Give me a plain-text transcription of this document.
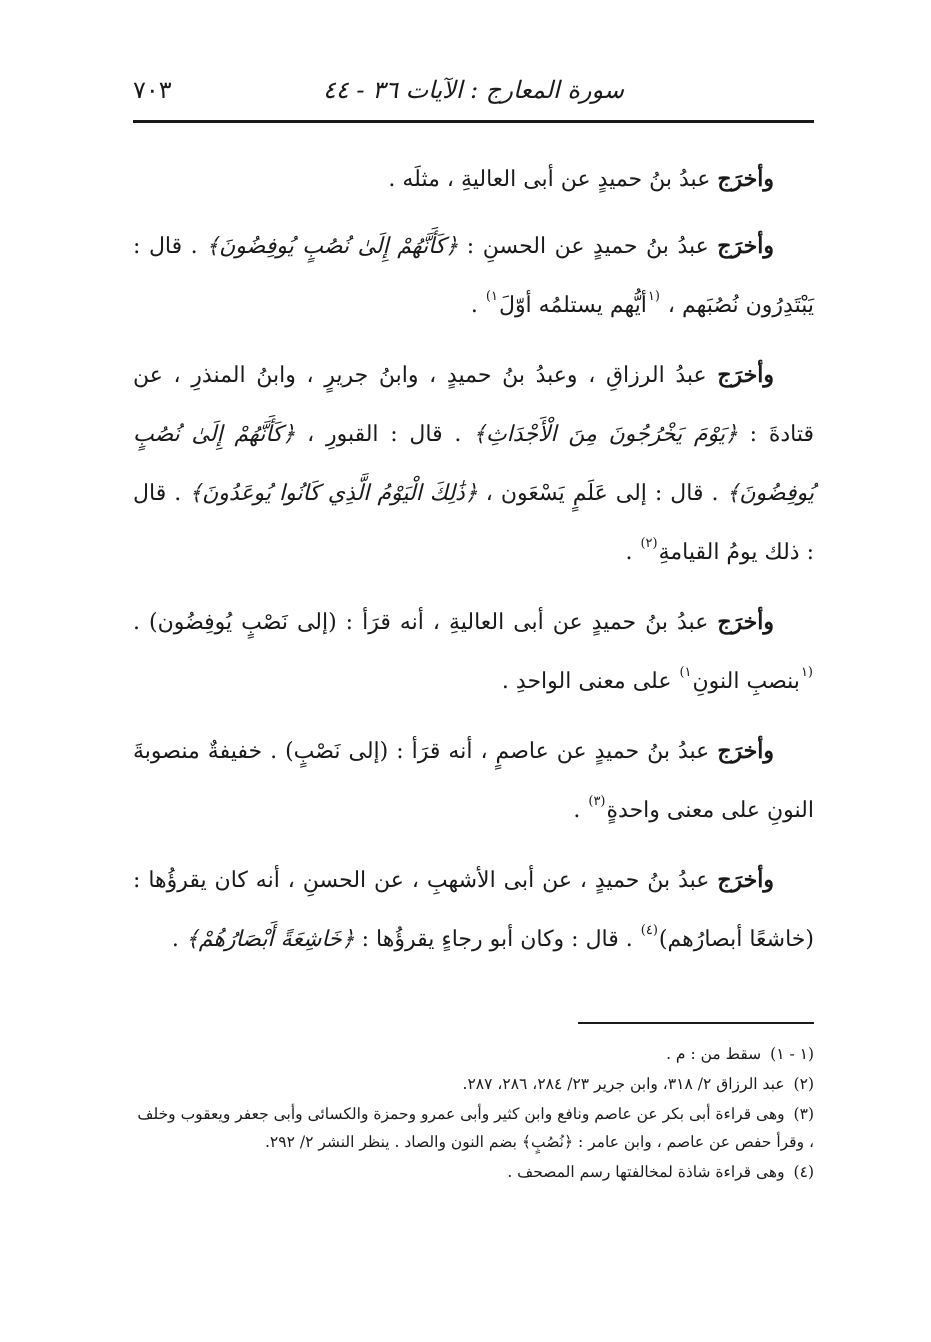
سورة المعارج : الآيات ٣٦ - ٤٤
٧٠٣

وأخرَج عبدُ بنُ حميدٍ عن أبى العاليةِ ، مثلَه .

وأخرَج عبدُ بنُ حميدٍ عن الحسنِ : ﴿كَأَنَّهُمْ إِلَىٰ نُصُبٍ يُوفِضُونَ﴾ . قال : يَبْتَدِرُون نُصُبَهم ، $^{(١}$أيُّهم يستلمُه أوّلَ$^{١)}$ .

وأخرَج عبدُ الرزاقِ ، وعبدُ بنُ حميدٍ ، وابنُ جريرٍ ، وابنُ المنذرِ ، عن قتادةَ : ﴿يَوْمَ يَخْرُجُونَ مِنَ الْأَجْدَاثِ﴾ . قال : القبورِ ، ﴿كَأَنَّهُمْ إِلَىٰ نُصُبٍ يُوفِضُونَ﴾ . قال : إلى عَلَمٍ يَسْعَون ، ﴿ذَٰلِكَ الْيَوْمُ الَّذِي كَانُوا يُوعَدُونَ﴾ . قال : ذلك يومُ القيامةِ$^{(٢)}$ .

وأخرَج عبدُ بنُ حميدٍ عن أبى العاليةِ ، أنه قرَأ : (إلى نَصْبٍ يُوفِضُون) . $^{(١}$بنصبِ النونِ$^{١)}$ على معنى الواحدِ .

وأخرَج عبدُ بنُ حميدٍ عن عاصمٍ ، أنه قرَأ : (إلى نَصْبٍ) . خفيفةٌ منصوبةَ النونِ على معنى واحدةٍ$^{(٣)}$ .

وأخرَج عبدُ بنُ حميدٍ ، عن أبى الأشهبِ ، عن الحسنِ ، أنه كان يقرؤُها : (خاشعًا أبصارُهم)$^{(٤)}$ . قال : وكان أبو رجاءٍ يقرؤُها : ﴿خَاشِعَةً أَبْصَارُهُمْ﴾ .

(١ - ١) سقط من : م .
(٢) عبد الرزاق ٢/ ٣١٨، وابن جرير ٢٣/ ٢٨٤، ٢٨٦، ٢٨٧.
(٣) وهى قراءة أبى بكر عن عاصم ونافع وابن كثير وأبى عمرو وحمزة والكسائى وأبى جعفر ويعقوب وخلف ، وقرأ حفص عن عاصم ، وابن عامر : ﴿نُصُبٍ﴾ بضم النون والصاد . ينظر النشر ٢/ ٢٩٢.
(٤) وهى قراءة شاذة لمخالفتها رسم المصحف .
